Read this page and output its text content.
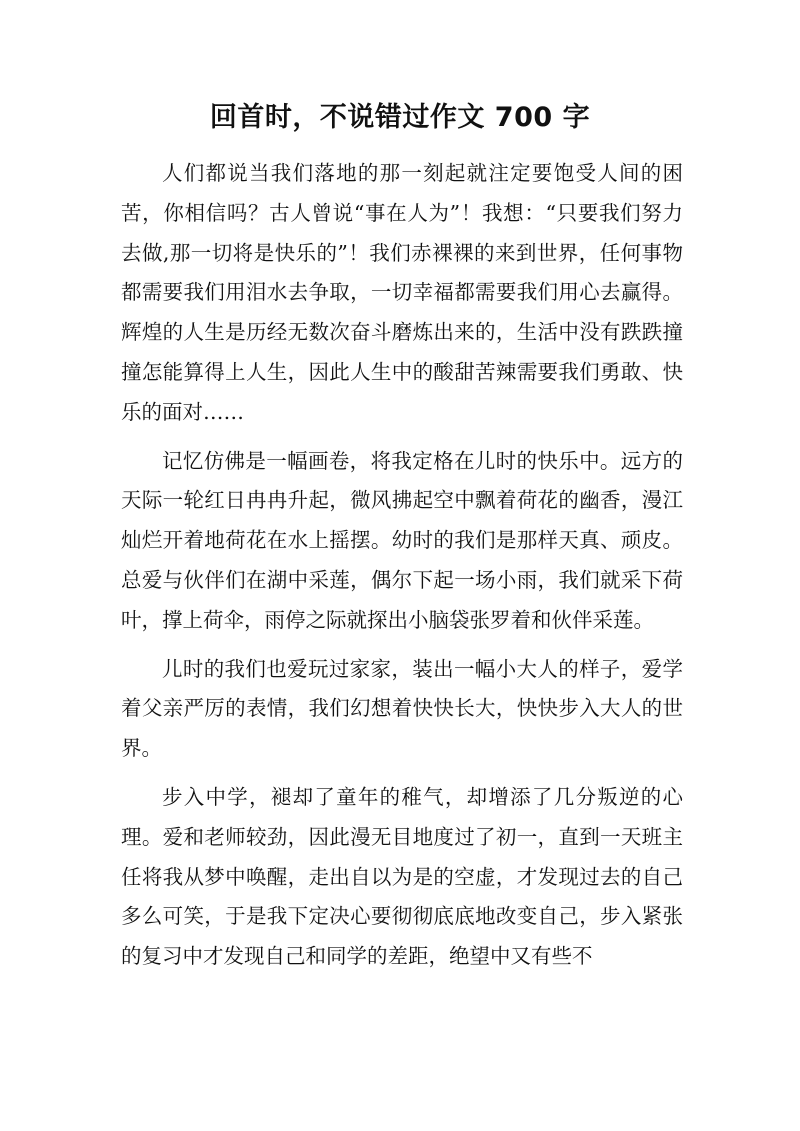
回首时，不说错过作文 700 字

人们都说当我们落地的那一刻起就注定要饱受人间的困苦，你相信吗？古人曾说“事在人为”！我想：“只要我们努力去做,那一切将是快乐的”！我们赤裸裸的来到世界，任何事物都需要我们用泪水去争取，一切幸福都需要我们用心去赢得。辉煌的人生是历经无数次奋斗磨炼出来的，生活中没有跌跌撞撞怎能算得上人生，因此人生中的酸甜苦辣需要我们勇敢、快乐的面对……

记忆仿佛是一幅画卷，将我定格在儿时的快乐中。远方的天际一轮红日冉冉升起，微风拂起空中飘着荷花的幽香，漫江灿烂开着地荷花在水上摇摆。幼时的我们是那样天真、顽皮。总爱与伙伴们在湖中采莲，偶尔下起一场小雨，我们就采下荷叶，撑上荷伞，雨停之际就探出小脑袋张罗着和伙伴采莲。

儿时的我们也爱玩过家家，装出一幅小大人的样子，爱学着父亲严厉的表情，我们幻想着快快长大，快快步入大人的世界。

步入中学，褪却了童年的稚气，却增添了几分叛逆的心理。爱和老师较劲，因此漫无目地度过了初一，直到一天班主任将我从梦中唤醒，走出自以为是的空虚，才发现过去的自己多么可笑，于是我下定决心要彻彻底底地改变自己，步入紧张的复习中才发现自己和同学的差距，绝望中又有些不
